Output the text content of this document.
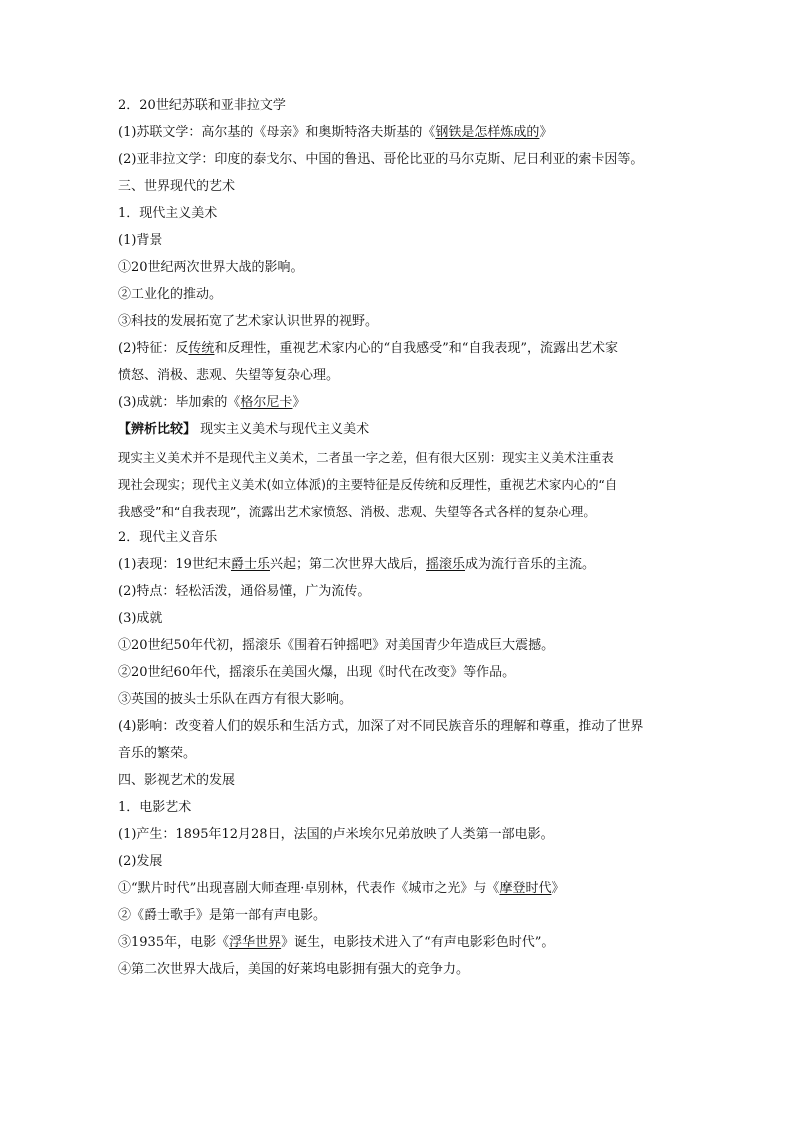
2．20世纪苏联和亚非拉文学
(1)苏联文学：高尔基的《母亲》和奥斯特洛夫斯基的《钢铁是怎样炼成的》
(2)亚非拉文学：印度的泰戈尔、中国的鲁迅、哥伦比亚的马尔克斯、尼日利亚的索卡因等。
三、世界现代的艺术
1．现代主义美术
(1)背景
①20世纪两次世界大战的影响。
②工业化的推动。
③科技的发展拓宽了艺术家认识世界的视野。
(2)特征：反传统和反理性，重视艺术家内心的“自我感受”和“自我表现”，流露出艺术家
愤怒、消极、悲观、失望等复杂心理。
(3)成就：毕加索的《格尔尼卡》
【辨析比较】 现实主义美术与现代主义美术
现实主义美术并不是现代主义美术，二者虽一字之差，但有很大区别：现实主义美术注重表
现社会现实；现代主义美术(如立体派)的主要特征是反传统和反理性，重视艺术家内心的“自
我感受”和“自我表现”，流露出艺术家愤怒、消极、悲观、失望等各式各样的复杂心理。
2．现代主义音乐
(1)表现：19世纪末爵士乐兴起；第二次世界大战后，摇滚乐成为流行音乐的主流。
(2)特点：轻松活泼，通俗易懂，广为流传。
(3)成就
①20世纪50年代初，摇滚乐《围着石钟摇吧》对美国青少年造成巨大震撼。
②20世纪60年代，摇滚乐在美国火爆，出现《时代在改变》等作品。
③英国的披头士乐队在西方有很大影响。
(4)影响：改变着人们的娱乐和生活方式，加深了对不同民族音乐的理解和尊重，推动了世界
音乐的繁荣。
四、影视艺术的发展
1．电影艺术
(1)产生：1895年12月28日，法国的卢米埃尔兄弟放映了人类第一部电影。
(2)发展
①“默片时代”出现喜剧大师查理·卓别林，代表作《城市之光》与《摩登时代》
②《爵士歌手》是第一部有声电影。
③1935年，电影《浮华世界》诞生，电影技术进入了“有声电影彩色时代”。
④第二次世界大战后，美国的好莱坞电影拥有强大的竞争力。
